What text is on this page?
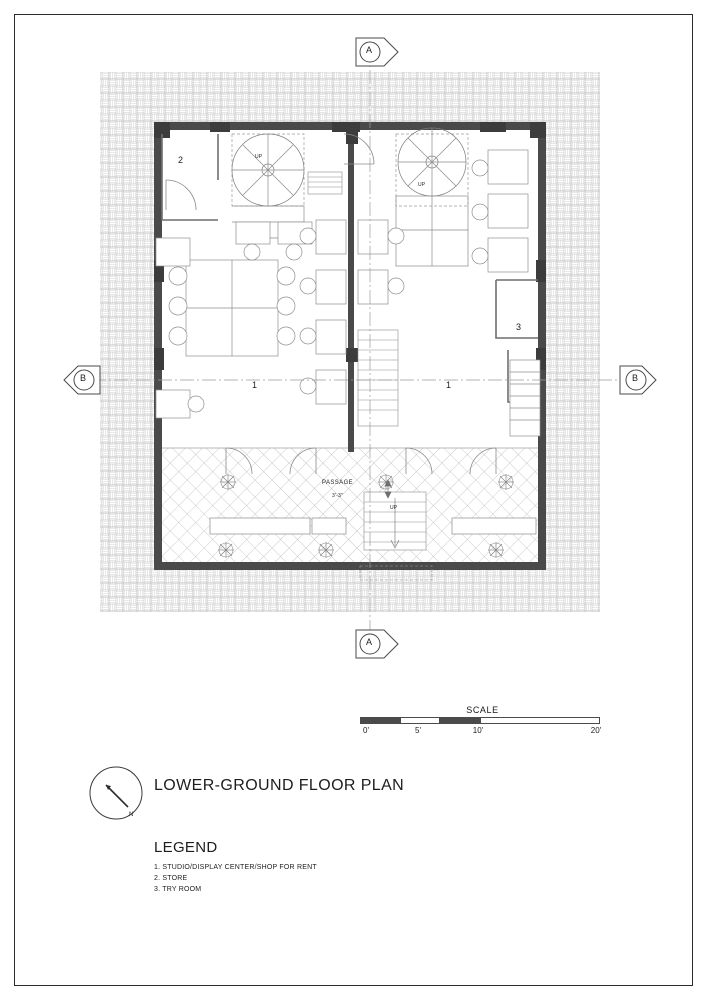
A
A
B	B
2
1	1
3
UP
UP
UP
PASSAGE
3'-3"
SCALE
0'	5'	10'	20'
N
LOWER-GROUND FLOOR PLAN
LEGEND
1. STUDIO/DISPLAY CENTER/SHOP FOR RENT
2. STORE
3. TRY ROOM
